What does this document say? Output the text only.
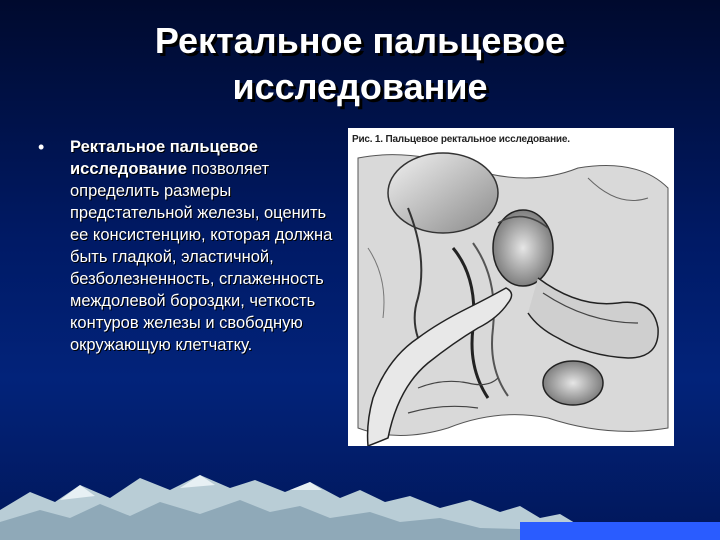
Ректальное пальцевое исследование
• Ректальное пальцевое исследование позволяет определить размеры предстательной железы, оценить ее консистенцию, которая должна быть гладкой, эластичной, безболезненность, сглаженность междолевой бороздки, четкость контуров железы и свободную окружающую клетчатку.
Рис. 1. Пальцевое ректальное исследование.
